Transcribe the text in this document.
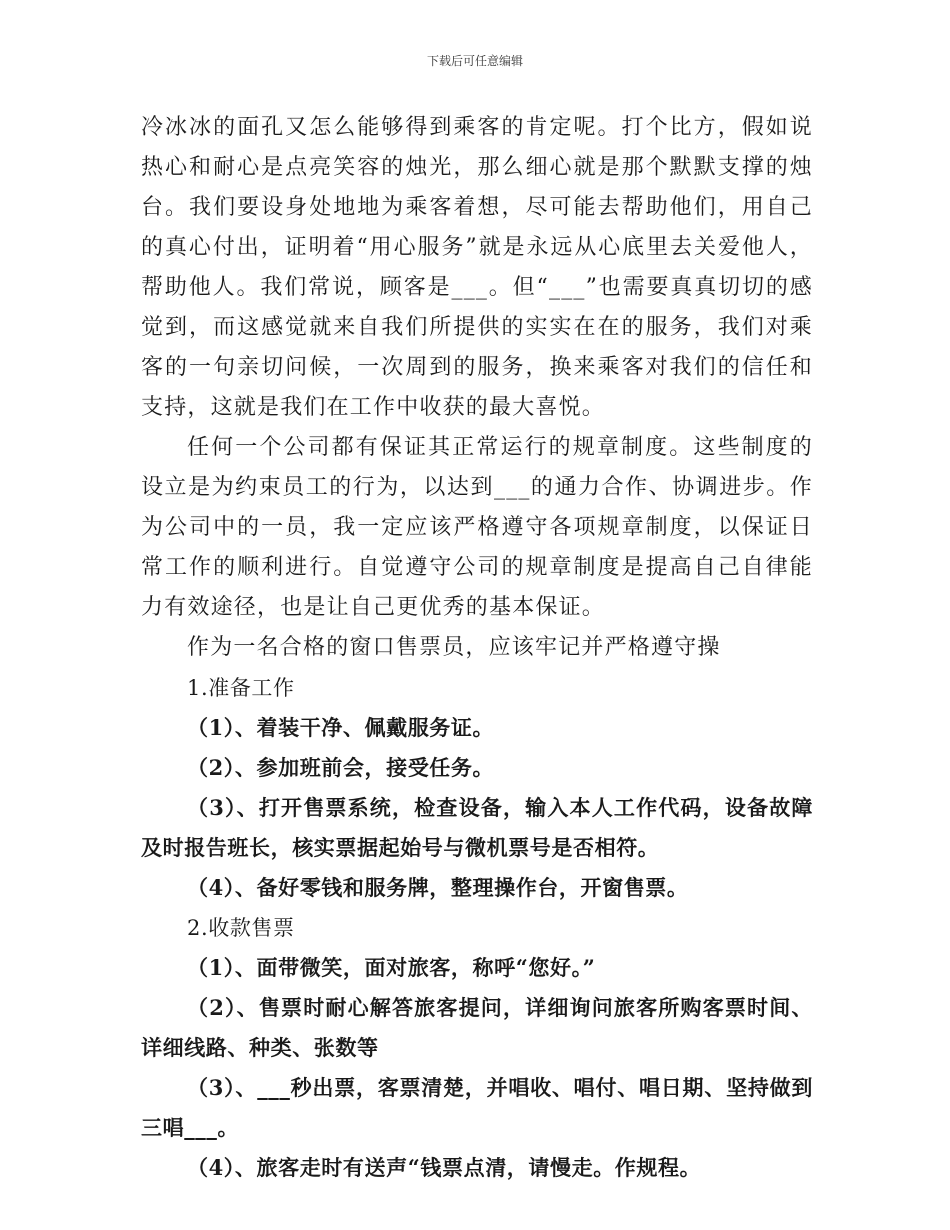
下载后可任意编辑

冷冰冰的面孔又怎么能够得到乘客的肯定呢。打个比方，假如说热心和耐心是点亮笑容的烛光，那么细心就是那个默默支撑的烛台。我们要设身处地地为乘客着想，尽可能去帮助他们，用自己的真心付出，证明着“用心服务”就是永远从心底里去关爱他人，帮助他人。我们常说，顾客是___。但“___”也需要真真切切的感觉到，而这感觉就来自我们所提供的实实在在的服务，我们对乘客的一句亲切问候，一次周到的服务，换来乘客对我们的信任和支持，这就是我们在工作中收获的最大喜悦。

任何一个公司都有保证其正常运行的规章制度。这些制度的设立是为约束员工的行为，以达到___的通力合作、协调进步。作为公司中的一员，我一定应该严格遵守各项规章制度，以保证日常工作的顺利进行。自觉遵守公司的规章制度是提高自己自律能力有效途径，也是让自己更优秀的基本保证。

作为一名合格的窗口售票员，应该牢记并严格遵守操

1.准备工作

（1）、着装干净、佩戴服务证。

（2）、参加班前会，接受任务。

（3）、打开售票系统，检查设备，输入本人工作代码，设备故障及时报告班长，核实票据起始号与微机票号是否相符。

（4）、备好零钱和服务牌，整理操作台，开窗售票。

2.收款售票

（1）、面带微笑，面对旅客，称呼“您好。”

（2）、售票时耐心解答旅客提问，详细询问旅客所购客票时间、详细线路、种类、张数等

（3）、___秒出票，客票清楚，并唱收、唱付、唱日期、坚持做到三唱___。

（4）、旅客走时有送声“钱票点清，请慢走。作规程。
